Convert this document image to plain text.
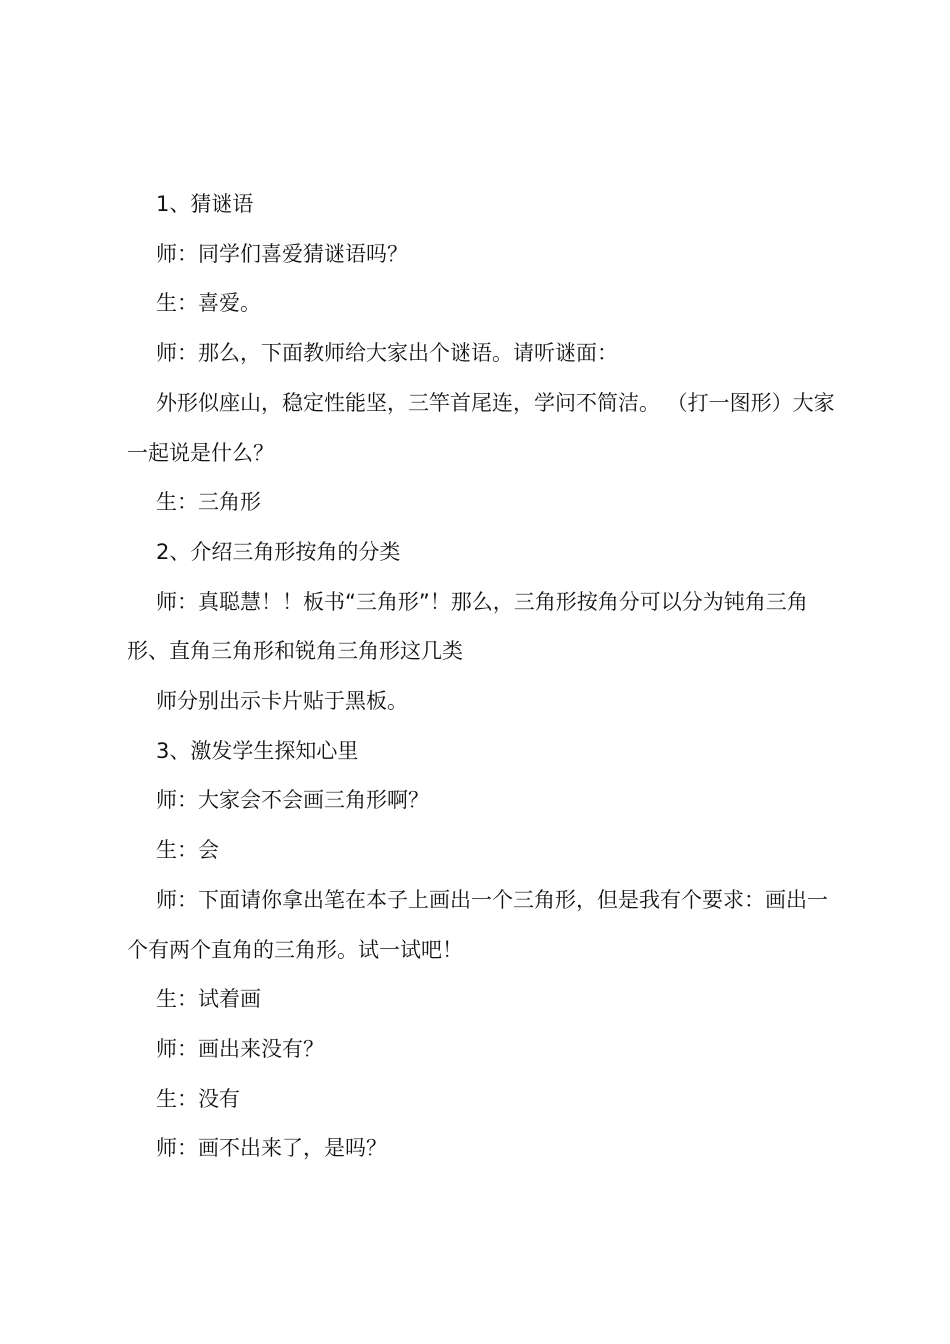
1、猜谜语

师：同学们喜爱猜谜语吗？

生：喜爱。

师：那么，下面教师给大家出个谜语。请听谜面：

外形似座山，稳定性能坚，三竿首尾连，学问不简洁。 （打一图形）大家一起说是什么？

生：三角形

2、介绍三角形按角的分类

师：真聪慧！！板书“三角形”！那么，三角形按角分可以分为钝角三角形、直角三角形和锐角三角形这几类

师分别出示卡片贴于黑板。

3、激发学生探知心里

师：大家会不会画三角形啊？

生：会

师：下面请你拿出笔在本子上画出一个三角形，但是我有个要求：画出一个有两个直角的三角形。试一试吧！

生：试着画

师：画出来没有？

生：没有

师：画不出来了，是吗？
